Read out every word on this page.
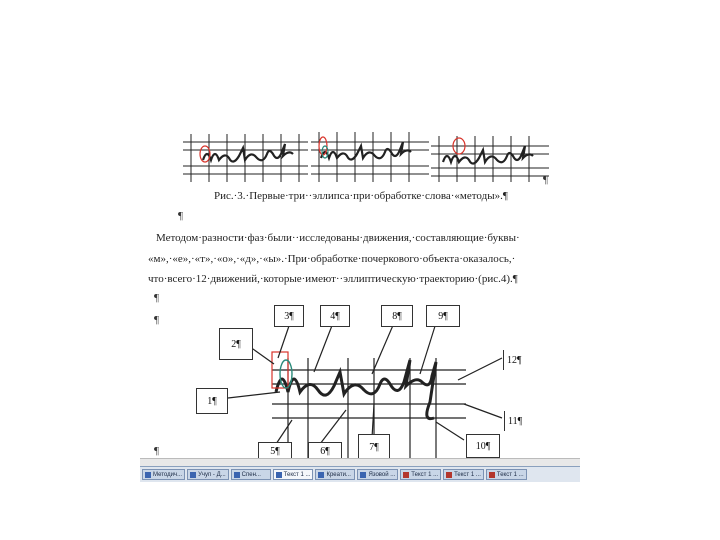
¶
Рис.·3.·Первые·три··эллипса·при·обработке·слова·«методы».¶
¶
Методом·разности·фаз·были··исследованы·движения,·составляющие·буквы·
«м»,·«е»,·«т»,·«о»,·«д»,·«ы».·При·обработке·почеркового·объекта·оказалось,·
что·всего·12·движений,·которые·имеют··эллиптическую·траекторию·(рис.4).¶
¶
¶
¶
3¶	4¶	8¶	9¶
2¶
12¶
1¶
11¶
7¶	10¶
5¶	6¶
Методич...	Учуп - Д...	Спен...	Текст 1 ...	Креати...	Язовой ...	Текст 1 ...	Текст 1 ...	Текст 1 ...
